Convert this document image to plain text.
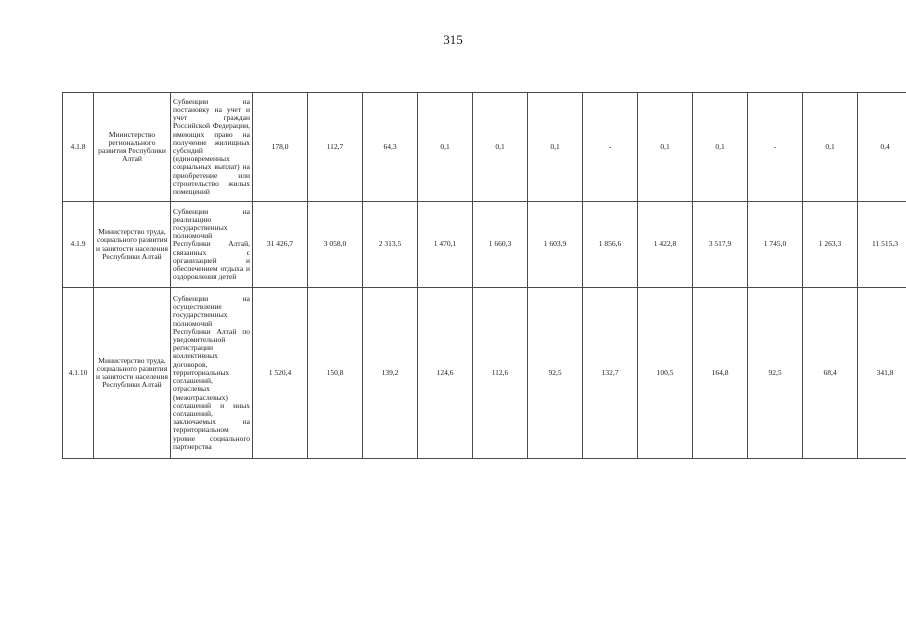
315
4.1.8	Министерство регионального развития Республики Алтай	Субвенции на постановку на учет и учет граждан Российской Федерации, имеющих право на получение жилищных субсидий (единовременных социальных выплат) на приобретение или строительство жилых помещений	178,0	112,7	64,3	0,1	0,1	0,1	-	0,1	0,1	-	0,1	0,4
4.1.9	Министерство труда, социального развития и занятости населения Республики Алтай	Субвенции на реализацию государственных полномочий Республики Алтай, связанных с организацией и обеспечением отдыха и оздоровления детей	31 426,7	3 058,0	2 313,5	1 470,1	1 660,3	1 603,9	1 856,6	1 422,8	3 517,9	1 745,0	1 263,3	11 515,3
4.1.10	Министерство труда, социального развития и занятости населения Республики Алтай	Субвенции на осуществление государственных полномочий Республики Алтай по уведомительной регистрации коллективных договоров, территориальных соглашений, отраслевых (межотраслевых) соглашений и иных соглашений, заключаемых на территориальном уровне социального партнерства	1 520,4	150,8	139,2	124,6	112,6	92,5	132,7	100,5	164,8	92,5	68,4	341,8
